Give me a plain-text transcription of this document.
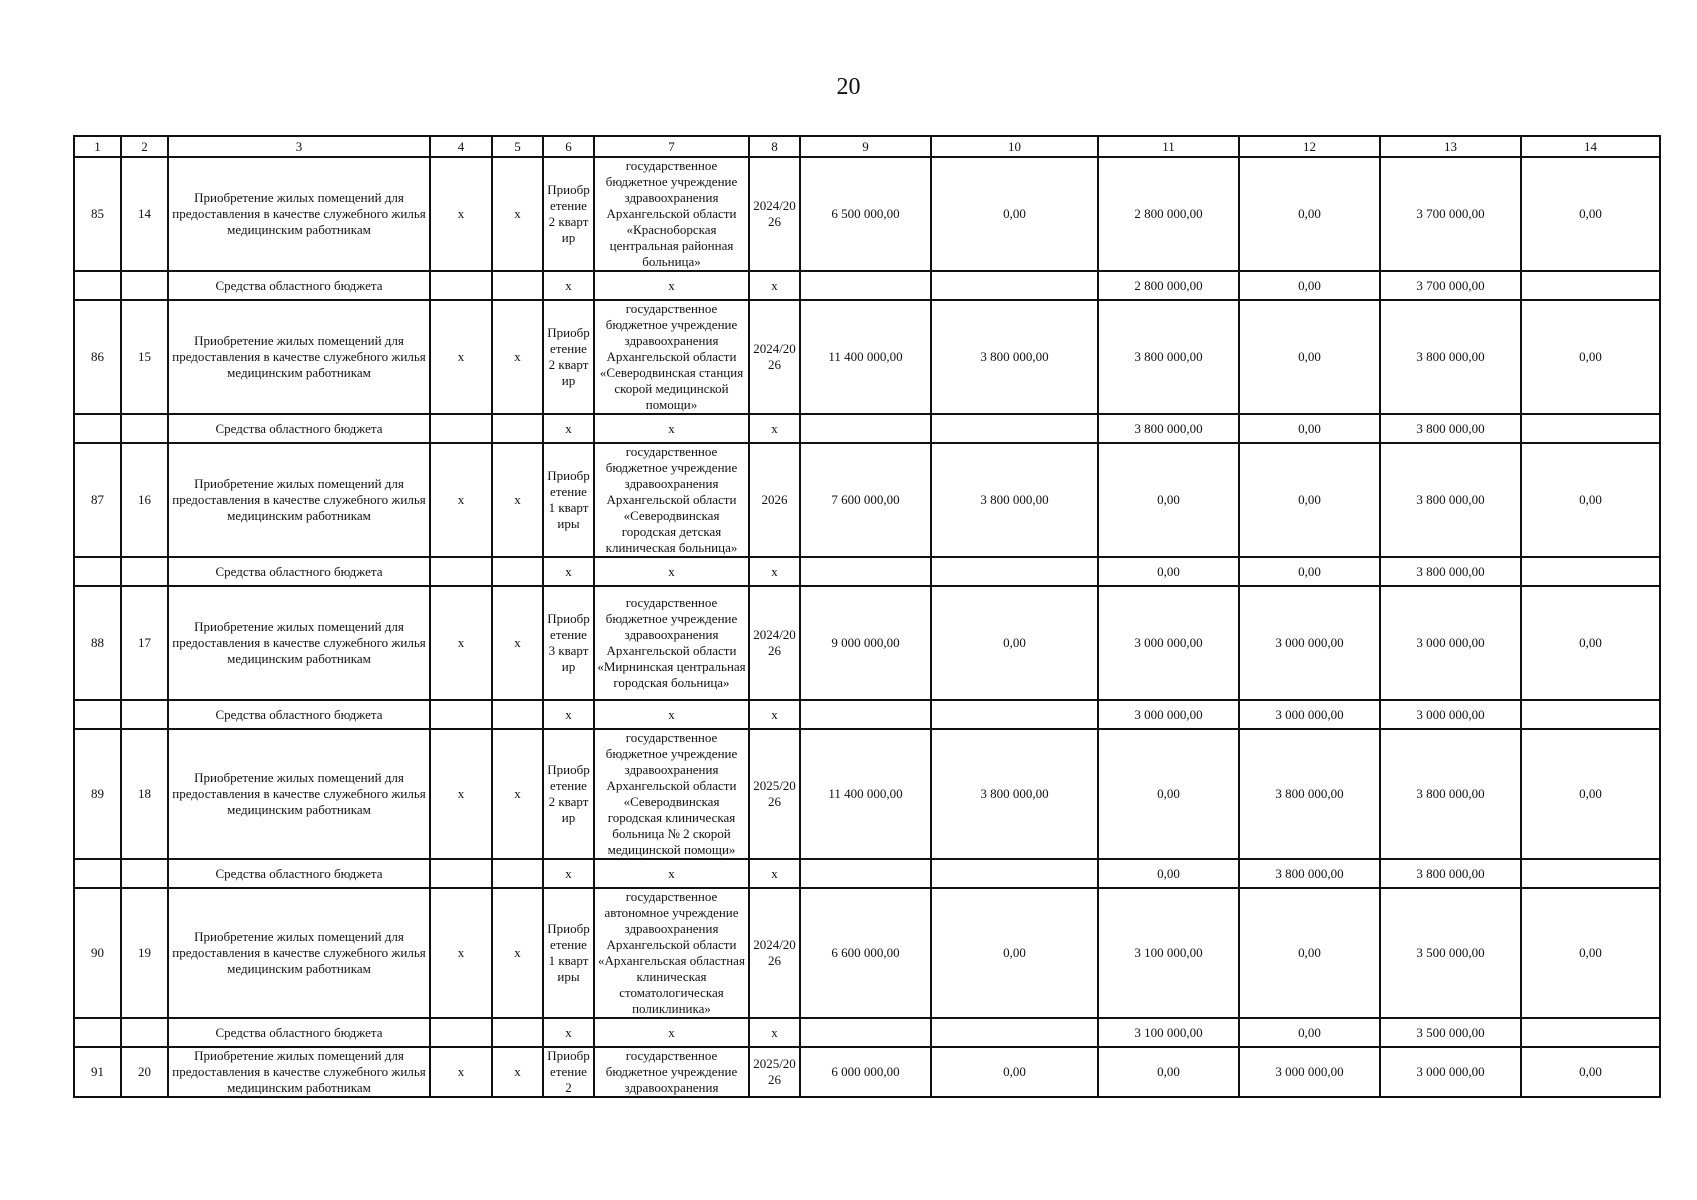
20
1	2	3	4	5	6	7	8	9	10	11	12	13	14
85	14	Приобретение жилых помещений для предоставления в качестве служебного жилья медицинским работникам	x	x	Приобретение 2 квартир	государственное бюджетное учреждение здравоохранения Архангельской области «Красноборская центральная районная больница»	2024/2026	6 500 000,00	0,00	2 800 000,00	0,00	3 700 000,00	0,00
		Средства областного бюджета			x	x	x			2 800 000,00	0,00	3 700 000,00	
86	15	Приобретение жилых помещений для предоставления в качестве служебного жилья медицинским работникам	x	x	Приобретение 2 квартир	государственное бюджетное учреждение здравоохранения Архангельской области «Северодвинская станция скорой медицинской помощи»	2024/2026	11 400 000,00	3 800 000,00	3 800 000,00	0,00	3 800 000,00	0,00
		Средства областного бюджета			x	x	x			3 800 000,00	0,00	3 800 000,00	
87	16	Приобретение жилых помещений для предоставления в качестве служебного жилья медицинским работникам	x	x	Приобретение 1 квартиры	государственное бюджетное учреждение здравоохранения Архангельской области «Северодвинская городская детская клиническая больница»	2026	7 600 000,00	3 800 000,00	0,00	0,00	3 800 000,00	0,00
		Средства областного бюджета			x	x	x			0,00	0,00	3 800 000,00	
88	17	Приобретение жилых помещений для предоставления в качестве служебного жилья медицинским работникам	x	x	Приобретение 3 квартир	государственное бюджетное учреждение здравоохранения Архангельской области «Мирнинская центральная городская больница»	2024/2026	9 000 000,00	0,00	3 000 000,00	3 000 000,00	3 000 000,00	0,00
		Средства областного бюджета			x	x	x			3 000 000,00	3 000 000,00	3 000 000,00	
89	18	Приобретение жилых помещений для предоставления в качестве служебного жилья медицинским работникам	x	x	Приобретение 2 квартир	государственное бюджетное учреждение здравоохранения Архангельской области «Северодвинская городская клиническая больница № 2 скорой медицинской помощи»	2025/2026	11 400 000,00	3 800 000,00	0,00	3 800 000,00	3 800 000,00	0,00
		Средства областного бюджета			x	x	x			0,00	3 800 000,00	3 800 000,00	
90	19	Приобретение жилых помещений для предоставления в качестве служебного жилья медицинским работникам	x	x	Приобретение 1 квартиры	государственное автономное учреждение здравоохранения Архангельской области «Архангельская областная клиническая стоматологическая поликлиника»	2024/2026	6 600 000,00	0,00	3 100 000,00	0,00	3 500 000,00	0,00
		Средства областного бюджета			x	x	x			3 100 000,00	0,00	3 500 000,00	
91	20	Приобретение жилых помещений для предоставления в качестве служебного жилья медицинским работникам	x	x	Приобретение 2	государственное бюджетное учреждение здравоохранения	2025/2026	6 000 000,00	0,00	0,00	3 000 000,00	3 000 000,00	0,00
